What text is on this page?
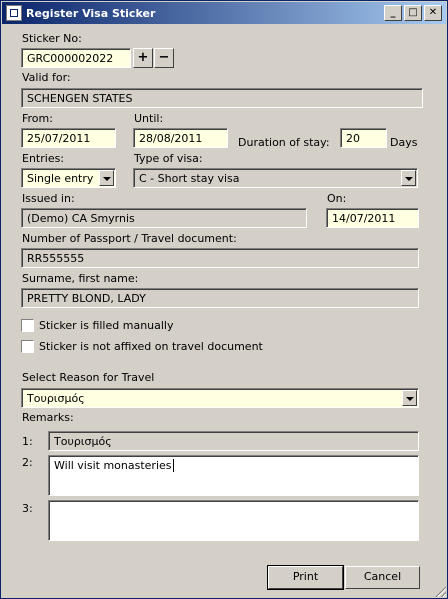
Register Visa Sticker	_	□	✕
Sticker No:
GRC000002022	+ −
Valid for:
SCHENGEN STATES
From:
25/07/2011
Until:
28/08/2011	Duration of stay:	20	Days
Entries:
Single entry
Type of visa:
C - Short stay visa
Issued in:
(Demo) CA Smyrnis
On:
14/07/2011
Number of Passport / Travel document:
RR555555
Surname, first name:
PRETTY BLOND, LADY
Sticker is filled manually
Sticker is not affixed on travel document
Select Reason for Travel
Τουρισμός
Remarks:
1:	Τουρισμός
2:	Will visit monasteries
3:
Print	Cancel
